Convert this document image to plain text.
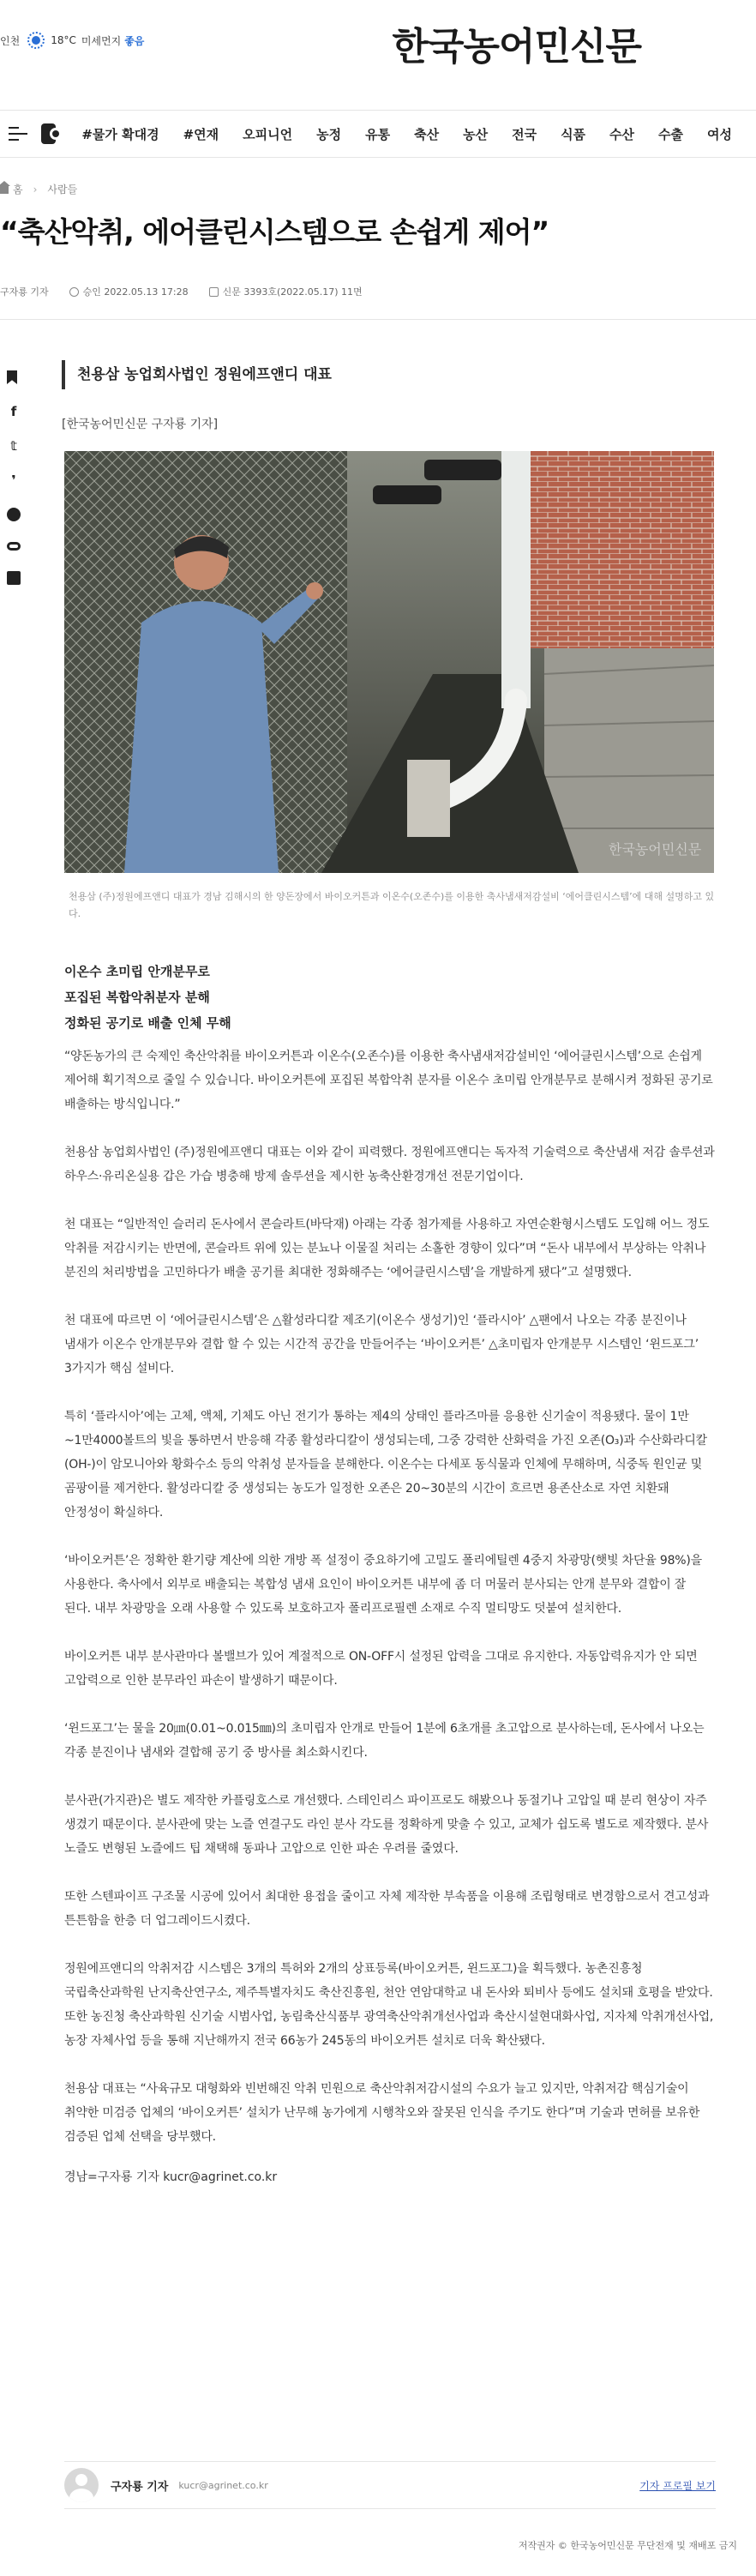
인천	18°C 미세먼지 좋음	한국농어민신문
#물가 확대경 #연재 오피니언 농정 유통 축산 농산 전국 식품 수산 수출 여성
홈 › 사람들
“축산악취, 에어클린시스템으로 손쉽게 제어”
구자룡 기자	승인 2022.05.13 17:28	신문 3393호(2022.05.17) 11면
f
𝕥
❜
천용삼 농업회사법인 정원에프앤디 대표
[한국농어민신문 구자룡 기자]
한국농어민신문
천용삼 (주)정원에프앤디 대표가 경남 김해시의 한 양돈장에서 바이오커튼과 이온수(오존수)를 이용한 축사냄새저감설비 ‘에어클린시스템’에 대해 설명하고 있다.
이온수 초미립 안개분무로
포집된 복합악취분자 분해
정화된 공기로 배출 인체 무해

“양돈농가의 큰 숙제인 축산악취를 바이오커튼과 이온수(오존수)를 이용한 축사냄새저감설비인 ‘에어클린시스템’으로 손쉽게 제어해 획기적으로 줄일 수 있습니다. 바이오커튼에 포집된 복합악취 분자를 이온수 초미립 안개분무로 분해시켜 정화된 공기로 배출하는 방식입니다.”

천용삼 농업회사법인 (주)정원에프앤디 대표는 이와 같이 피력했다. 정원에프앤디는 독자적 기술력으로 축산냄새 저감 솔루션과 하우스·유리온실용 갑은 가습 병충해 방제 솔루션을 제시한 농축산환경개선 전문기업이다.

천 대표는 “일반적인 슬러리 돈사에서 콘슬라트(바닥재) 아래는 각종 첨가제를 사용하고 자연순환형시스템도 도입해 어느 정도 악취를 저감시키는 반면에, 콘슬라트 위에 있는 분뇨나 이물질 처리는 소홀한 경향이 있다”며 “돈사 내부에서 부상하는 악취나 분진의 처리방법을 고민하다가 배출 공기를 최대한 정화해주는 ‘에어클린시스템’을 개발하게 됐다”고 설명했다.

천 대표에 따르면 이 ‘에어클린시스템’은 △활성라디칼 제조기(이온수 생성기)인 ‘플라시아’ △팬에서 나오는 각종 분진이나 냄새가 이온수 안개분무와 결합 할 수 있는 시간적 공간을 만들어주는 ‘바이오커튼’ △초미립자 안개분무 시스템인 ‘윈드포그’ 3가지가 핵심 설비다.

특히 ‘플라시아’에는 고체, 액체, 기체도 아닌 전기가 통하는 제4의 상태인 플라즈마를 응용한 신기술이 적용됐다. 물이 1만~1만4000볼트의 빛을 통하면서 반응해 각종 활성라디칼이 생성되는데, 그중 강력한 산화력을 가진 오존(O₃)과 수산화라디칼(OH-)이 암모니아와 황화수소 등의 악취성 분자들을 분해한다. 이온수는 다세포 동식물과 인체에 무해하며, 식중독 원인균 및 곰팡이를 제거한다. 활성라디칼 중 생성되는 농도가 일정한 오존은 20~30분의 시간이 흐르면 용존산소로 자연 치환돼 안정성이 확실하다.

‘바이오커튼’은 정확한 환기량 계산에 의한 개방 폭 설정이 중요하기에 고밀도 폴리에틸렌 4중지 차광망(햇빛 차단율 98%)을 사용한다. 축사에서 외부로 배출되는 복합성 냄새 요인이 바이오커튼 내부에 좀 더 머물러 분사되는 안개 분무와 결합이 잘 된다. 내부 차광망을 오래 사용할 수 있도록 보호하고자 폴리프로필렌 소재로 수직 멀티망도 덧붙여 설치한다.

바이오커튼 내부 분사관마다 볼밸브가 있어 계절적으로 ON-OFF시 설정된 압력을 그대로 유지한다. 자동압력유지가 안 되면 고압력으로 인한 분무라인 파손이 발생하기 때문이다.

‘윈드포그’는 물을 20㎛(0.01~0.015㎜)의 초미립자 안개로 만들어 1분에 6초개를 초고압으로 분사하는데, 돈사에서 나오는 각종 분진이나 냄새와 결합해 공기 중 방사를 최소화시킨다.

분사관(가지관)은 별도 제작한 카플링호스로 개선했다. 스테인리스 파이프로도 해봤으나 동절기나 고압일 때 분리 현상이 자주 생겼기 때문이다. 분사관에 맞는 노즐 연결구도 라인 분사 각도를 정확하게 맞출 수 있고, 교체가 쉽도록 별도로 제작했다. 분사 노즐도 변형된 노즐에드 팁 채택해 동파나 고압으로 인한 파손 우려를 줄였다.

또한 스텐파이프 구조물 시공에 있어서 최대한 용접을 줄이고 자체 제작한 부속품을 이용해 조립형태로 변경함으로서 견고성과 튼튼함을 한층 더 업그레이드시켰다.

정원에프앤디의 악취저감 시스템은 3개의 특허와 2개의 상표등록(바이오커튼, 윈드포그)을 획득했다. 농촌진흥청 국립축산과학원 난지축산연구소, 제주특별자치도 축산진흥원, 천안 연암대학교 내 돈사와 퇴비사 등에도 설치돼 호평을 받았다. 또한 농진청 축산과학원 신기술 시범사업, 농림축산식품부 광역축산악취개선사업과 축산시설현대화사업, 지자체 악취개선사업, 농장 자체사업 등을 통해 지난해까지 전국 66농가 245동의 바이오커튼 설치로 더욱 확산됐다.

천용삼 대표는 “사육규모 대형화와 빈번해진 악취 민원으로 축산악취저감시설의 수요가 늘고 있지만, 악취저감 핵심기술이 취약한 미검증 업체의 ‘바이오커튼’ 설치가 난무해 농가에게 시행착오와 잘못된 인식을 주기도 한다”며 기술과 면허를 보유한 검증된 업체 선택을 당부했다.

경남=구자룡 기자 kucr@agrinet.co.kr
구자룡 기자 kucr@agrinet.co.kr	기자 프로필 보기
저작권자 © 한국농어민신문 무단전재 및 재배포 금지
